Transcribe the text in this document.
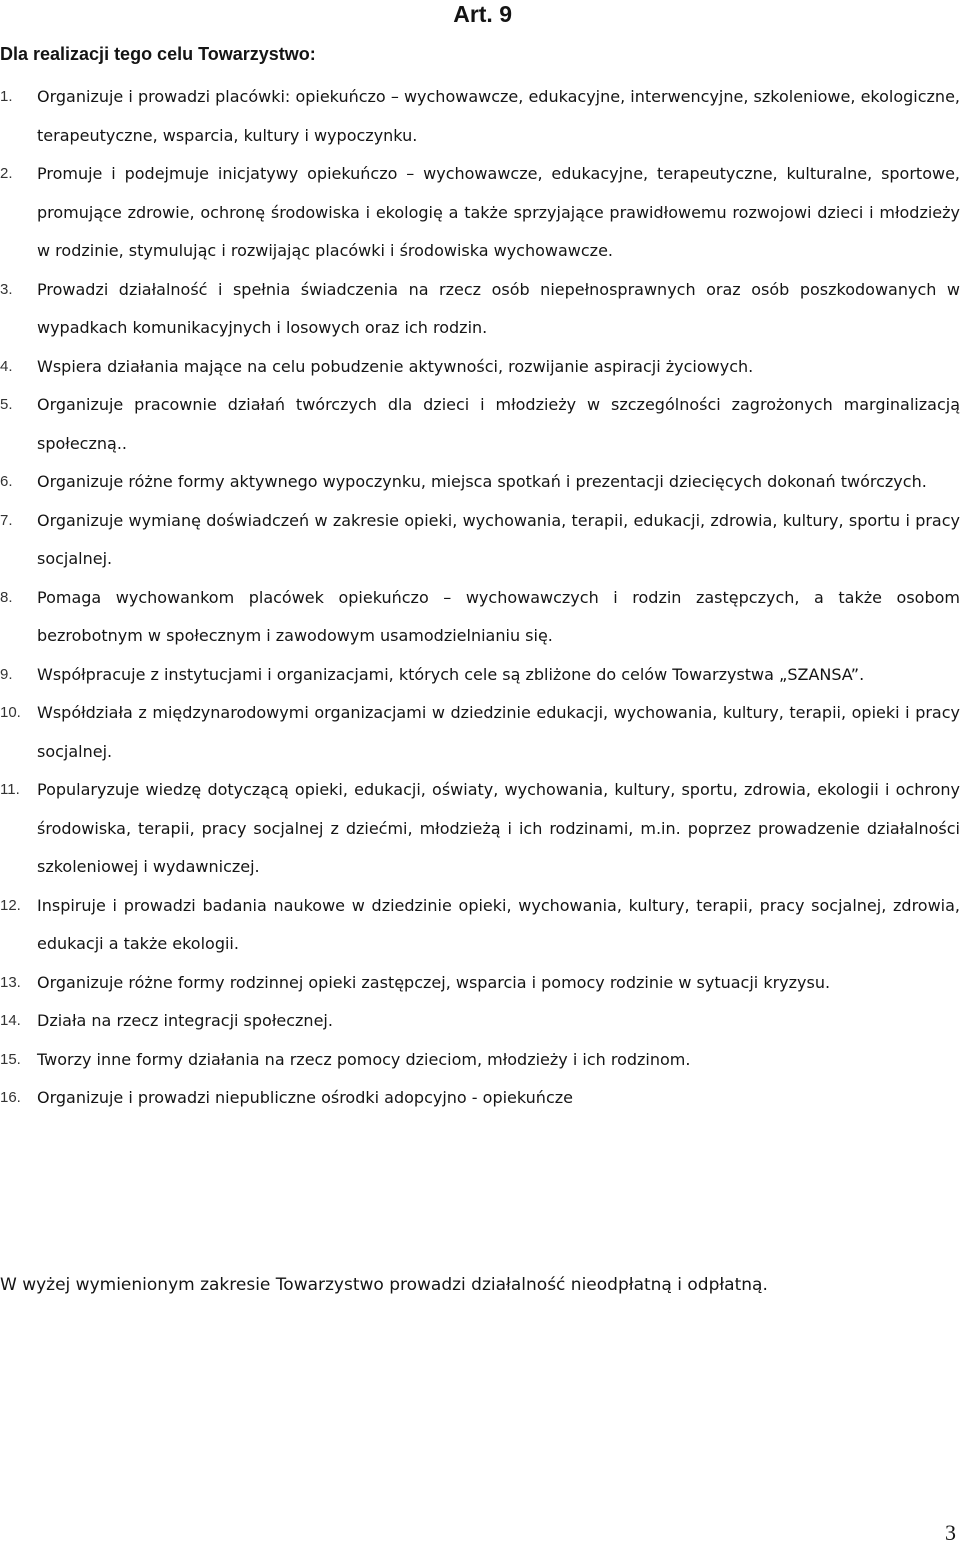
Art. 9
Dla realizacji tego celu Towarzystwo:
1.	Organizuje i prowadzi placówki: opiekuńczo – wychowawcze, edukacyjne, interwencyjne, szkoleniowe, ekologiczne, terapeutyczne, wsparcia, kultury i wypoczynku.
2.	Promuje i podejmuje inicjatywy opiekuńczo – wychowawcze, edukacyjne, terapeutyczne, kulturalne, sportowe, promujące zdrowie, ochronę środowiska i ekologię a także sprzyjające prawidłowemu rozwojowi dzieci i młodzieży w rodzinie, stymulując i rozwijając placówki i środowiska wychowawcze.
3.	Prowadzi działalność i spełnia świadczenia na rzecz osób niepełnosprawnych oraz osób poszkodowanych w wypadkach komunikacyjnych i losowych oraz ich rodzin.
4.	Wspiera działania mające na celu pobudzenie aktywności, rozwijanie aspiracji życiowych.
5.	Organizuje pracownie działań twórczych dla dzieci i młodzieży w szczególności zagrożonych marginalizacją społeczną..
6.	Organizuje różne formy aktywnego wypoczynku, miejsca spotkań i prezentacji dziecięcych dokonań twórczych.
7.	Organizuje wymianę doświadczeń w zakresie opieki, wychowania, terapii, edukacji, zdrowia, kultury, sportu i pracy socjalnej.
8.	Pomaga wychowankom placówek opiekuńczo – wychowawczych i rodzin zastępczych, a także osobom bezrobotnym w społecznym i zawodowym usamodzielnianiu się.
9.	Współpracuje z instytucjami i organizacjami, których cele są zbliżone do celów Towarzystwa „SZANSA”.
10.	Współdziała z międzynarodowymi organizacjami w dziedzinie edukacji, wychowania, kultury, terapii, opieki i pracy socjalnej.
11.	Popularyzuje wiedzę dotyczącą opieki, edukacji, oświaty, wychowania, kultury, sportu, zdrowia, ekologii i ochrony środowiska, terapii, pracy socjalnej z dziećmi, młodzieżą i ich rodzinami, m.in. poprzez prowadzenie działalności szkoleniowej i wydawniczej.
12.	Inspiruje i prowadzi badania naukowe w dziedzinie opieki, wychowania, kultury, terapii, pracy socjalnej, zdrowia, edukacji a także ekologii.
13.	Organizuje różne formy rodzinnej opieki zastępczej, wsparcia i pomocy rodzinie w sytuacji kryzysu.
14.	Działa na rzecz integracji społecznej.
15.	Tworzy inne formy działania na rzecz pomocy dzieciom, młodzieży i ich rodzinom.
16.	Organizuje i prowadzi niepubliczne ośrodki adopcyjno - opiekuńcze
W wyżej wymienionym zakresie Towarzystwo prowadzi działalność nieodpłatną i odpłatną.
3
